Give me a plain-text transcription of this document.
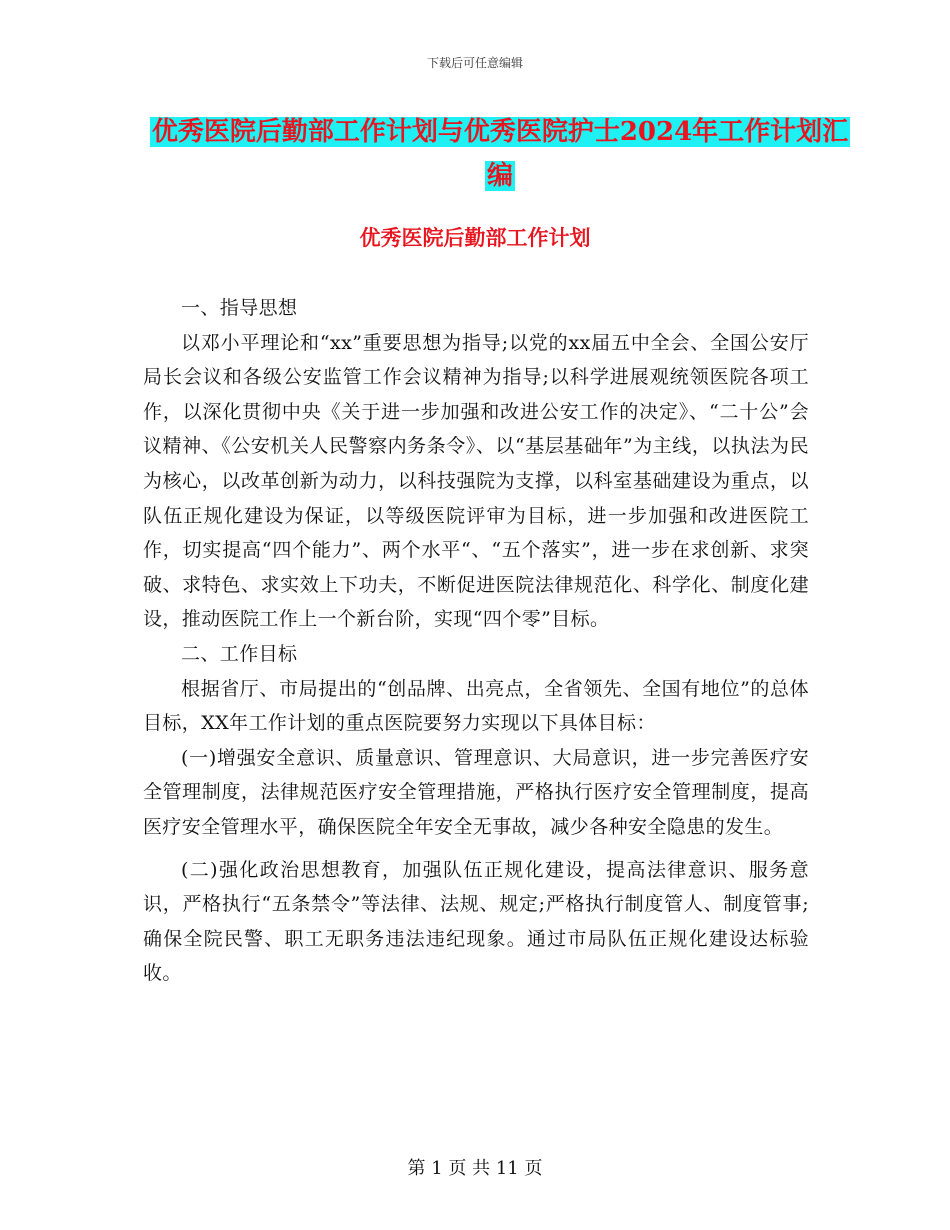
下载后可任意编辑
优秀医院后勤部工作计划与优秀医院护士2024年工作计划汇编
优秀医院后勤部工作计划

一、指导思想

以邓小平理论和“xx”重要思想为指导;以党的xx届五中全会、全国公安厅局长会议和各级公安监管工作会议精神为指导;以科学进展观统领医院各项工作，以深化贯彻中央《关于进一步加强和改进公安工作的决定》、“二十公”会议精神、《公安机关人民警察内务条令》、以“基层基础年”为主线，以执法为民为核心，以改革创新为动力，以科技强院为支撑，以科室基础建设为重点，以队伍正规化建设为保证，以等级医院评审为目标，进一步加强和改进医院工作，切实提高“四个能力”、两个水平“、“五个落实”，进一步在求创新、求突破、求特色、求实效上下功夫，不断促进医院法律规范化、科学化、制度化建设，推动医院工作上一个新台阶，实现“四个零”目标。

二、工作目标

根据省厅、市局提出的“创品牌、出亮点，全省领先、全国有地位”的总体目标，XX年工作计划的重点医院要努力实现以下具体目标：

(一)增强安全意识、质量意识、管理意识、大局意识，进一步完善医疗安全管理制度，法律规范医疗安全管理措施，严格执行医疗安全管理制度，提高医疗安全管理水平，确保医院全年安全无事故，减少各种安全隐患的发生。

(二)强化政治思想教育，加强队伍正规化建设，提高法律意识、服务意识，严格执行“五条禁令”等法律、法规、规定;严格执行制度管人、制度管事;确保全院民警、职工无职务违法违纪现象。通过市局队伍正规化建设达标验收。

第 1 页 共 11 页
